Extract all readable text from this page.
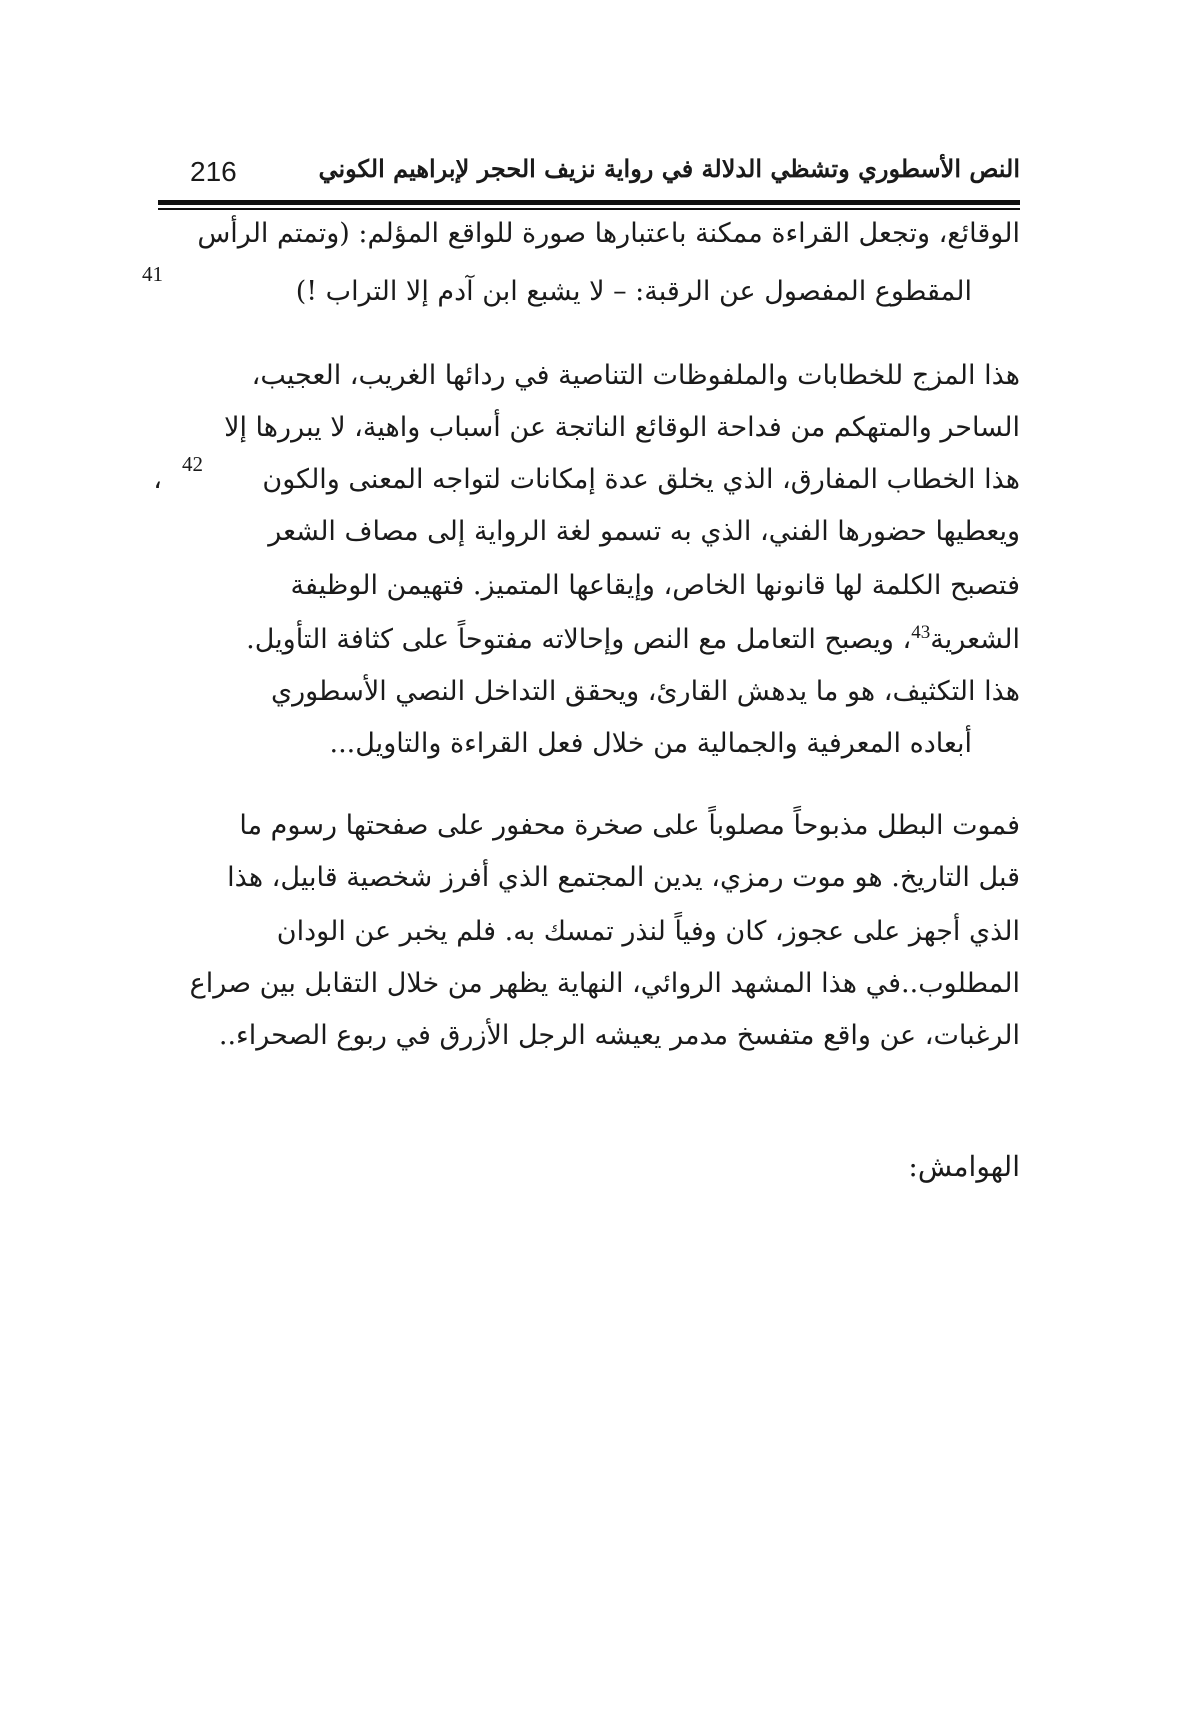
النص الأسطوري وتشظي الدلالة في رواية نزيف الحجر لإبراهيم الكوني
216
الوقائع، وتجعل القراءة ممكنة باعتبارها صورة للواقع المؤلم: (وتمتم الرأس
المقطوع المفصول عن الرقبة: – لا يشبع ابن آدم إلا التراب !)
41
هذا المزج للخطابات والملفوظات التناصية في ردائها الغريب، العجيب،
الساحر والمتهكم من فداحة الوقائع الناتجة عن أسباب واهية، لا يبررها إلا
هذا الخطاب المفارق، الذي يخلق عدة إمكانات لتواجه المعنى والكون
42
،
ويعطيها حضورها الفني، الذي به تسمو لغة الرواية إلى مصاف الشعر
فتصبح الكلمة لها قانونها الخاص، وإيقاعها المتميز. فتهيمن الوظيفة
الشعرية$^{43}$، ويصبح التعامل مع النص وإحالاته مفتوحاً على كثافة التأويل.
هذا التكثيف، هو ما يدهش القارئ، ويحقق التداخل النصي الأسطوري
أبعاده المعرفية والجمالية من خلال فعل القراءة والتاويل...
فموت البطل مذبوحاً مصلوباً على صخرة محفور على صفحتها رسوم ما
قبل التاريخ. هو موت رمزي، يدين المجتمع الذي أفرز شخصية قابيل، هذا
الذي أجهز على عجوز، كان وفياً لنذر تمسك به. فلم يخبر عن الودان
المطلوب..في هذا المشهد الروائي، النهاية يظهر من خلال التقابل بين صراع
الرغبات، عن واقع متفسخ مدمر يعيشه الرجل الأزرق في ربوع الصحراء..
الهوامش:
